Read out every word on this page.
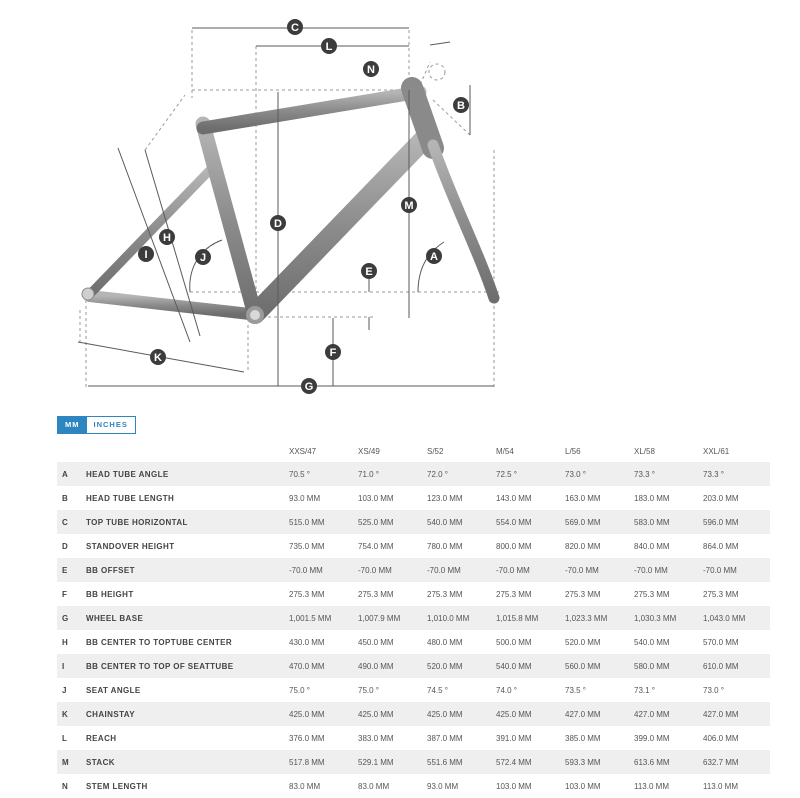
C
L
N
B
D
M
H
I	J
E
A
F
K
G
MM	INCHES
		XXS/47	XS/49	S/52	M/54	L/56	XL/58	XXL/61
A	HEAD TUBE ANGLE	70.5 °	71.0 °	72.0 °	72.5 °	73.0 °	73.3 °	73.3 °
B	HEAD TUBE LENGTH	93.0 MM	103.0 MM	123.0 MM	143.0 MM	163.0 MM	183.0 MM	203.0 MM
C	TOP TUBE HORIZONTAL	515.0 MM	525.0 MM	540.0 MM	554.0 MM	569.0 MM	583.0 MM	596.0 MM
D	STANDOVER HEIGHT	735.0 MM	754.0 MM	780.0 MM	800.0 MM	820.0 MM	840.0 MM	864.0 MM
E	BB OFFSET	-70.0 MM	-70.0 MM	-70.0 MM	-70.0 MM	-70.0 MM	-70.0 MM	-70.0 MM
F	BB HEIGHT	275.3 MM	275.3 MM	275.3 MM	275.3 MM	275.3 MM	275.3 MM	275.3 MM
G	WHEEL BASE	1,001.5 MM	1,007.9 MM	1,010.0 MM	1,015.8 MM	1,023.3 MM	1,030.3 MM	1,043.0 MM
H	BB CENTER TO TOPTUBE CENTER	430.0 MM	450.0 MM	480.0 MM	500.0 MM	520.0 MM	540.0 MM	570.0 MM
I	BB CENTER TO TOP OF SEATTUBE	470.0 MM	490.0 MM	520.0 MM	540.0 MM	560.0 MM	580.0 MM	610.0 MM
J	SEAT ANGLE	75.0 °	75.0 °	74.5 °	74.0 °	73.5 °	73.1 °	73.0 °
K	CHAINSTAY	425.0 MM	425.0 MM	425.0 MM	425.0 MM	427.0 MM	427.0 MM	427.0 MM
L	REACH	376.0 MM	383.0 MM	387.0 MM	391.0 MM	385.0 MM	399.0 MM	406.0 MM
M	STACK	517.8 MM	529.1 MM	551.6 MM	572.4 MM	593.3 MM	613.6 MM	632.7 MM
N	STEM LENGTH	83.0 MM	83.0 MM	93.0 MM	103.0 MM	103.0 MM	113.0 MM	113.0 MM
